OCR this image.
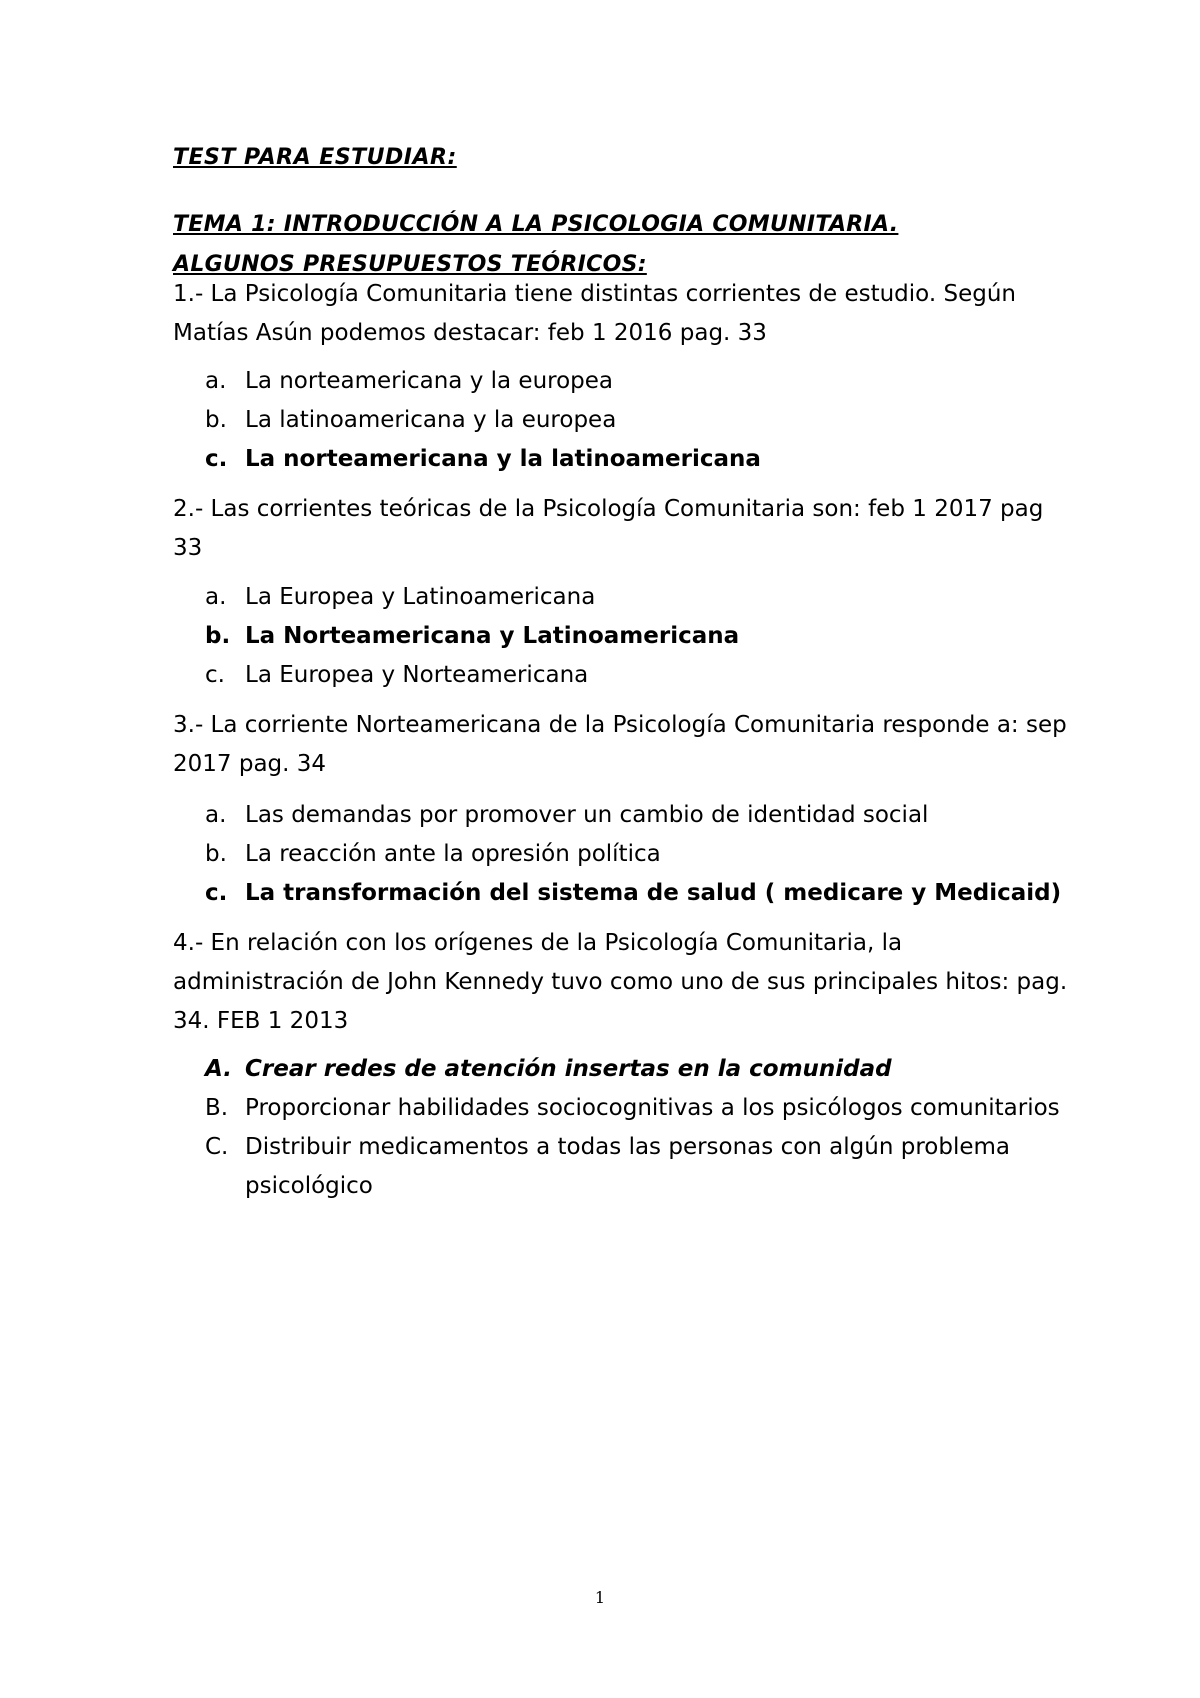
TEST PARA ESTUDIAR:
TEMA 1: INTRODUCCIÓN A LA PSICOLOGIA COMUNITARIA.
ALGUNOS PRESUPUESTOS TEÓRICOS:

1.- La Psicología Comunitaria tiene distintas corrientes de estudio. Según Matías Asún podemos destacar: feb 1 2016 pag. 33

a. La norteamericana y la europea
b. La latinoamericana y la europea
c. La norteamericana y la latinoamericana

2.- Las corrientes teóricas de la Psicología Comunitaria son: feb 1 2017 pag 33

a. La Europea y Latinoamericana
b. La Norteamericana y Latinoamericana
c. La Europea y Norteamericana

3.- La corriente Norteamericana de la Psicología Comunitaria responde a: sep 2017 pag. 34

a. Las demandas por promover un cambio de identidad social
b. La reacción ante la opresión política
c. La transformación del sistema de salud ( medicare y Medicaid)

4.- En relación con los orígenes de la Psicología Comunitaria, la administración de John Kennedy tuvo como uno de sus principales hitos: pag. 34. FEB 1 2013

A. Crear redes de atención insertas en la comunidad
B. Proporcionar habilidades sociocognitivas a los psicólogos comunitarios
C. Distribuir medicamentos a todas las personas con algún problema psicológico
1
